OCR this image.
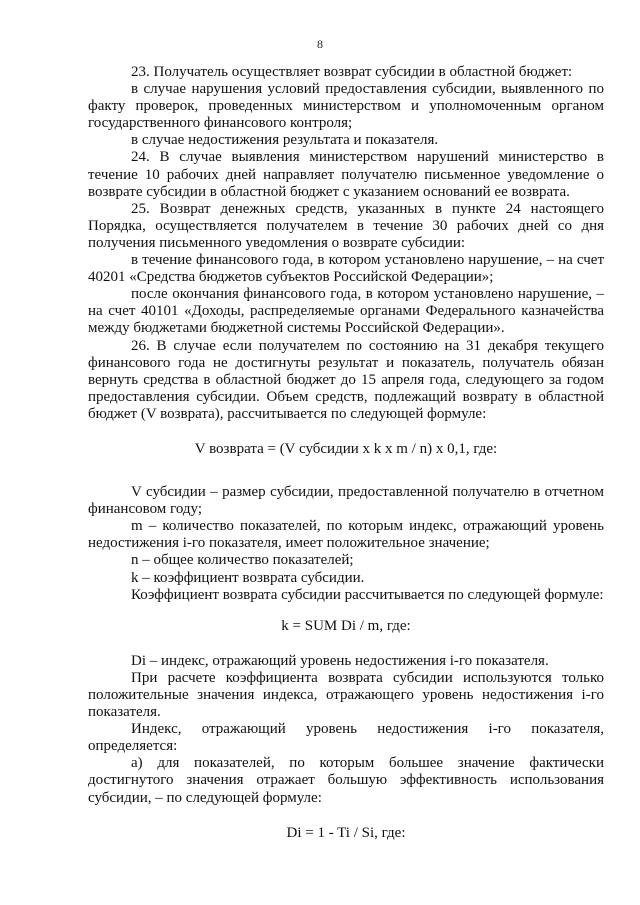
8

23. Получатель осуществляет возврат субсидии в областной бюджет:

в случае нарушения условий предоставления субсидии, выявленного по факту проверок, проведенных министерством и уполномоченным органом государственного финансового контроля;

в случае недостижения результата и показателя.

24. В случае выявления министерством нарушений министерство в течение 10 рабочих дней направляет получателю письменное уведомление о возврате субсидии в областной бюджет с указанием оснований ее возврата.

25. Возврат денежных средств, указанных в пункте 24 настоящего Порядка, осуществляется получателем в течение 30 рабочих дней со дня получения письменного уведомления о возврате субсидии:

в течение финансового года, в котором установлено нарушение, – на счет 40201 «Средства бюджетов субъектов Российской Федерации»;

после окончания финансового года, в котором установлено нарушение, – на счет 40101 «Доходы, распределяемые органами Федерального казначейства между бюджетами бюджетной системы Российской Федерации».

26. В случае если получателем по состоянию на 31 декабря текущего финансового года не достигнуты результат и показатель, получатель обязан вернуть средства в областной бюджет до 15 апреля года, следующего за годом предоставления субсидии. Объем средств, подлежащий возврату в областной бюджет (V возврата), рассчитывается по следующей формуле:

V возврата = (V субсидии x k x m / n) x 0,1, где:

V субсидии – размер субсидии, предоставленной получателю в отчетном финансовом году;

m – количество показателей, по которым индекс, отражающий уровень недостижения i-го показателя, имеет положительное значение;

n – общее количество показателей;

k – коэффициент возврата субсидии.

Коэффициент возврата субсидии рассчитывается по следующей формуле:

k = SUM Di / m, где:

Di – индекс, отражающий уровень недостижения i-го показателя.

При расчете коэффициента возврата субсидии используются только положительные значения индекса, отражающего уровень недостижения i-го показателя.

Индекс, отражающий уровень недостижения i-го показателя, определяется:

а) для показателей, по которым большее значение фактически достигнутого значения отражает большую эффективность использования субсидии, – по следующей формуле:

Di = 1 - Ti / Si, где:
